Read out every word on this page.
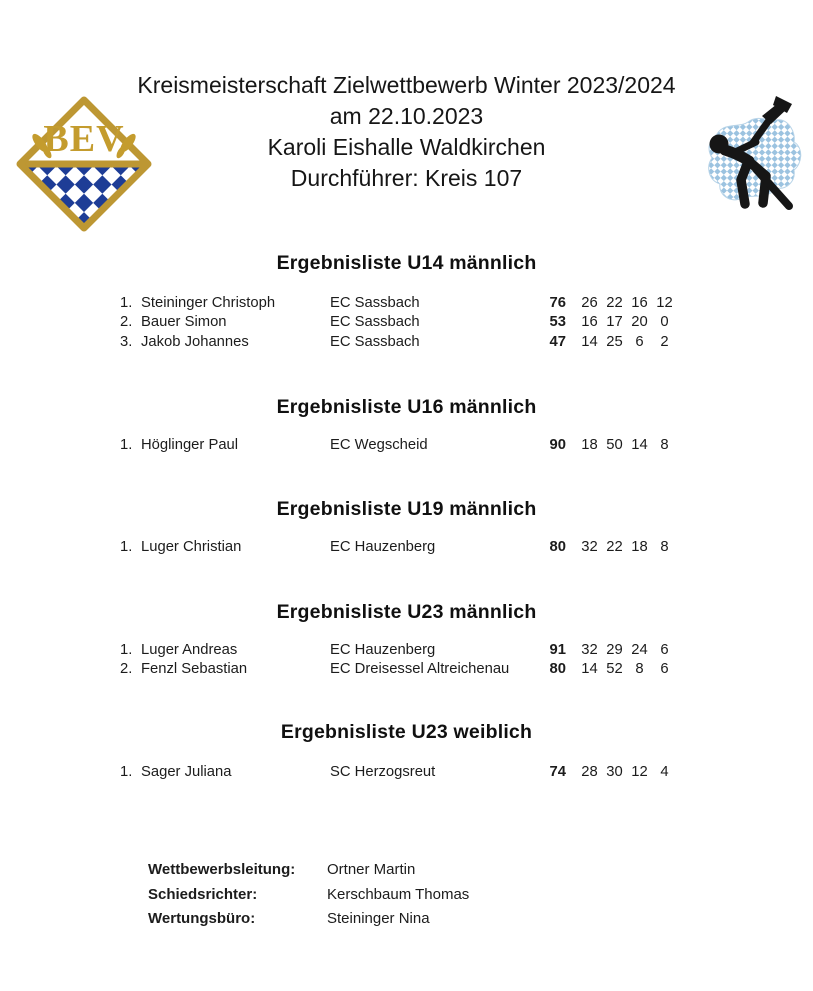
BEV
Kreismeisterschaft Zielwettbewerb Winter 2023/2024
am 22.10.2023
Karoli Eishalle Waldkirchen
Durchführer: Kreis 107
Ergebnisliste U14 männlich
1. Steininger Christoph	EC Sassbach	76 26 22 16 12
2. Bauer Simon	EC Sassbach	53 16 17 20 0
3. Jakob Johannes	EC Sassbach	47 14 25 6	2
Ergebnisliste U16 männlich
1. Höglinger Paul	EC Wegscheid	90 18 50 14 8
Ergebnisliste U19 männlich
1. Luger Christian	EC Hauzenberg	80 32 22 18 8
Ergebnisliste U23 männlich
1. Luger Andreas	EC Hauzenberg	91 32 29 24 6
2. Fenzl Sebastian	EC Dreisessel Altreichenau	80 14 52 8	6
Ergebnisliste U23 weiblich
1. Sager Juliana	SC Herzogsreut	74 28 30 12 4
Wettbewerbsleitung: Ortner Martin
Schiedsrichter:	Kerschbaum Thomas
Wertungsbüro:	Steininger Nina
